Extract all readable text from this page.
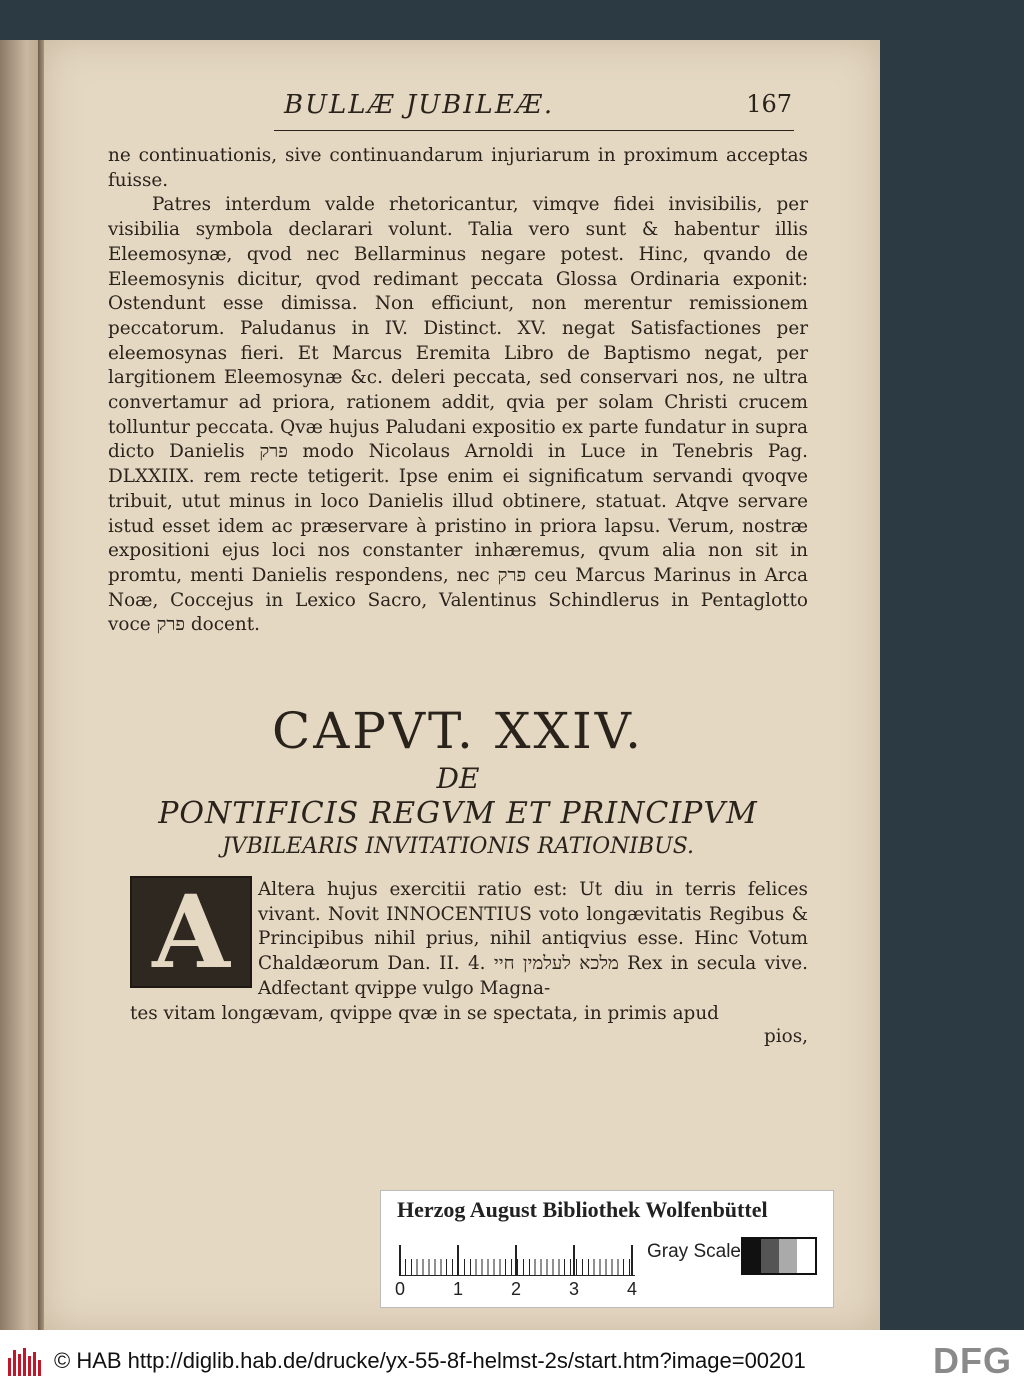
BULLÆ JUBILEÆ.	167

ne continuationis, sive continuandarum injuriarum in proximum acceptas fuisse.

Patres interdum valde rhetoricantur, vimqve fidei invisibilis, per visibilia symbola declarari volunt. Talia vero sunt & habentur illis Eleemosynæ, qvod nec Bellarminus negare potest. Hinc, qvando de Eleemosynis dicitur, qvod redimant peccata Glossa Ordinaria exponit: Ostendunt esse dimissa. Non efficiunt, non merentur remissionem peccatorum. Paludanus in IV. Distinct. XV. negat Satisfactiones per eleemosynas fieri. Et Marcus Eremita Libro de Baptismo negat, per largitionem Eleemosynæ &c. deleri peccata, sed conservari nos, ne ultra convertamur ad priora, rationem addit, qvia per solam Christi crucem tolluntur peccata. Qvæ hujus Paludani expositio ex parte fundatur in supra dicto Danielis פרק modo Nicolaus Arnoldi in Luce in Tenebris Pag. DLXXIIX. rem recte tetigerit. Ipse enim ei significatum servandi qvoqve tribuit, utut minus in loco Danielis illud obtinere, statuat. Atqve servare istud esset idem ac præservare à pristino in priora lapsu. Verum, nostræ expositioni ejus loci nos constanter inhæremus, qvum alia non sit in promtu, menti Danielis respondens, nec פרק ceu Marcus Marinus in Arca Noæ, Coccejus in Lexico Sacro, Valentinus Schindlerus in Pentaglotto voce פרק docent.

CAPVT. XXIV.
DE
PONTIFICIS REGVM ET PRINCIPVM
JVBILEARIS INVITATIONIS RATIONIBUS.
A	Altera hujus exercitii ratio est: Ut diu in terris felices vivant. Novit INNOCENTIUS voto longævitatis Regibus & Principibus nihil prius, nihil antiqvius esse. Hinc Votum Chaldæorum Dan. II. 4. מלכא לעלמין חיי Rex in secula vive. Adfectant qvippe vulgo Magna-
tes vitam longævam, qvippe qvæ in se spectata, in primis apud
pios,
Herzog August Bibliothek Wolfenbüttel
0	1	2	3	4
Gray Scale
© HAB http://diglib.hab.de/drucke/yx-55-8f-helmst-2s/start.htm?image=00201	DFG
